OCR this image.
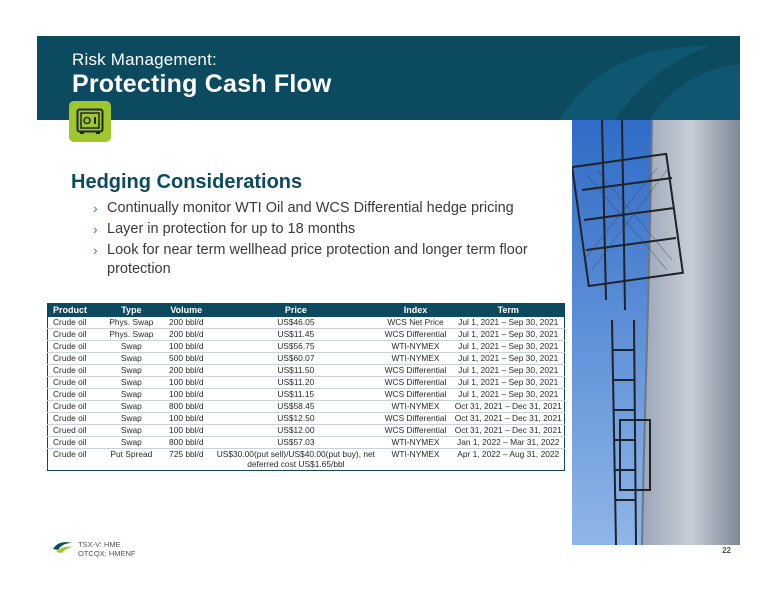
Risk Management:
Protecting Cash Flow
Hedging Considerations
› Continually monitor WTI Oil and WCS Differential hedge pricing
› Layer in protection for up to 18 months
› Look for near term wellhead price protection and longer term floor protection
Product	Type	Volume	Price	Index	Term
Crude oil	Phys. Swap	200 bbl/d	US$46.05	WCS Net Price	Jul 1, 2021 – Sep 30, 2021
Crude oil	Phys. Swap	200 bbl/d	US$11.45	WCS Differential	Jul 1, 2021 – Sep 30, 2021
Crude oil	Swap	100 bbl/d	US$56.75	WTI-NYMEX	Jul 1, 2021 – Sep 30, 2021
Crude oil	Swap	500 bbl/d	US$60.07	WTI-NYMEX	Jul 1, 2021 – Sep 30, 2021
Crude oil	Swap	200 bbl/d	US$11.50	WCS Differential	Jul 1, 2021 – Sep 30, 2021
Crude oil	Swap	100 bbl/d	US$11.20	WCS Differential	Jul 1, 2021 – Sep 30, 2021
Crude oil	Swap	100 bbl/d	US$11.15	WCS Differential	Jul 1, 2021 – Sep 30, 2021
Crude oil	Swap	800 bbl/d	US$58.45	WTI-NYMEX	Oct 31, 2021 – Dec 31, 2021
Crude oil	Swap	100 bbl/d	US$12.50	WCS Differential	Oct 31, 2021 – Dec 31, 2021
Crued oil	Swap	100 bbl/d	US$12.00	WCS Differential	Oct 31, 2021 – Dec 31, 2021
Crude oil	Swap	800 bbl/d	US$57.03	WTI-NYMEX	Jan 1, 2022 – Mar 31, 2022
Crude oil	Put Spread	725 bbl/d	US$30.00(put sell)/US$40.00(put buy), net deferred cost US$1.65/bbl	WTI-NYMEX	Apr 1, 2022 – Aug 31, 2022
TSX-V: HME
OTCQX: HMENF	22
